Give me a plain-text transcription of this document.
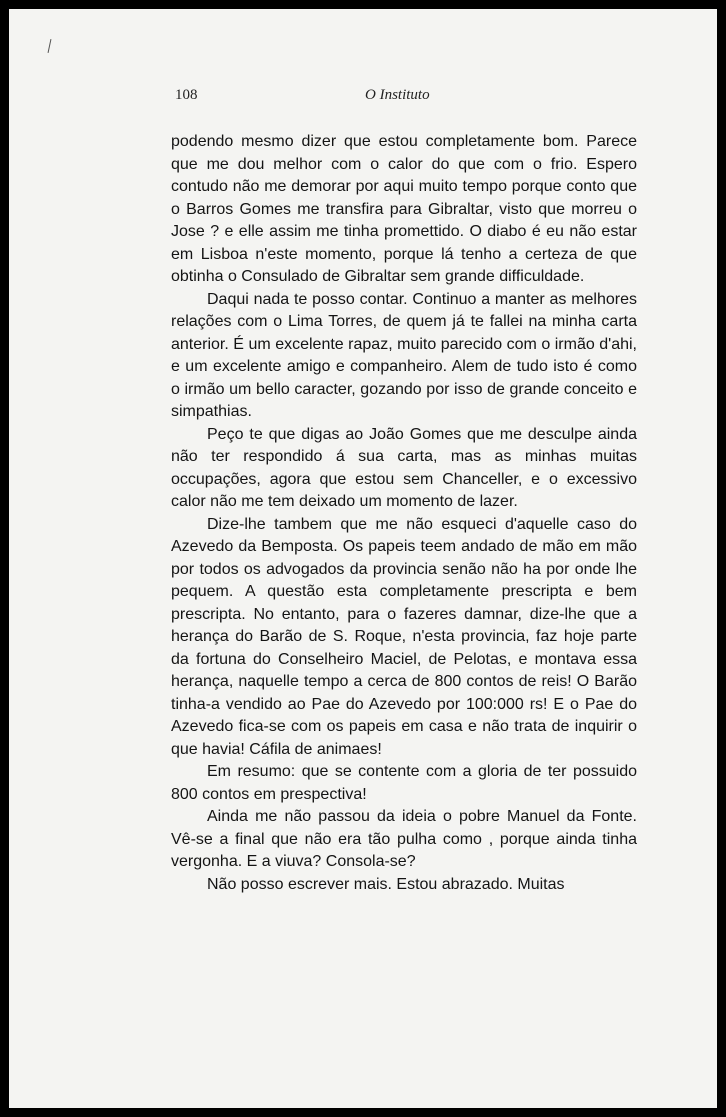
108	O Instituto

podendo mesmo dizer que estou completamente bom. Parece que me dou melhor com o calor do que com o frio. Espero contudo não me demorar por aqui muito tempo porque conto que o Barros Gomes me transfira para Gibraltar, visto que morreu o Jose ? e elle assim me tinha promettido. O diabo é eu não estar em Lisboa n'este momento, porque lá tenho a certeza de que obtinha o Consulado de Gibraltar sem grande difficuldade.

Daqui nada te posso contar. Continuo a manter as melhores relações com o Lima Torres, de quem já te fallei na minha carta anterior. É um excelente rapaz, muito parecido com o irmão d'ahi, e um excelente amigo e companheiro. Alem de tudo isto é como o irmão um bello caracter, gozando por isso de grande conceito e simpathias.

Peço te que digas ao João Gomes que me desculpe ainda não ter respondido á sua carta, mas as minhas muitas occupações, agora que estou sem Chanceller, e o excessivo calor não me tem deixado um momento de lazer.

Dize-lhe tambem que me não esqueci d'aquelle caso do Azevedo da Bemposta. Os papeis teem andado de mão em mão por todos os advogados da provincia senão não ha por onde lhe pequem. A questão esta completamente prescripta e bem prescripta. No entanto, para o fazeres damnar, dize-lhe que a herança do Barão de S. Roque, n'esta provincia, faz hoje parte da fortuna do Conselheiro Maciel, de Pelotas, e montava essa herança, naquelle tempo a cerca de 800 contos de reis! O Barão tinha-a vendido ao Pae do Azevedo por 100:000 rs! E o Pae do Azevedo fica-se com os papeis em casa e não trata de inquirir o que havia! Cáfila de animaes!

Em resumo: que se contente com a gloria de ter possuido 800 contos em prespectiva!

Ainda me não passou da ideia o pobre Manuel da Fonte. Vê-se a final que não era tão pulha como , porque ainda tinha vergonha. E a viuva? Consola-se?

Não posso escrever mais. Estou abrazado. Muitas
